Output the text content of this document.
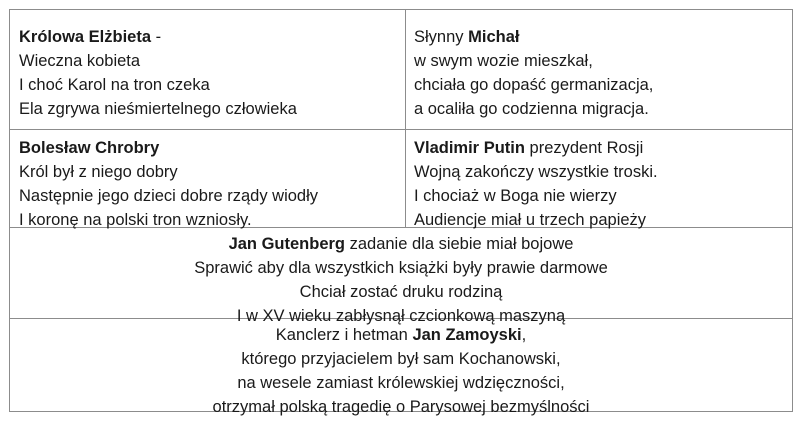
Królowa Elżbieta -
Wieczna kobieta
I choć Karol na tron czeka
Ela zgrywa nieśmiertelnego człowieka
Słynny Michał
w swym wozie mieszkał,
chciała go dopaść germanizacja,
a ocaliła go codzienna migracja.
Bolesław Chrobry
Król był z niego dobry
Następnie jego dzieci dobre rządy wiodły
I koronę na polski tron wzniosły.
Vladimir Putin prezydent Rosji
Wojną zakończy wszystkie troski.
I chociaż w Boga nie wierzy
Audiencje miał u trzech papieży
Jan Gutenberg zadanie dla siebie miał bojowe
Sprawić aby dla wszystkich książki były prawie darmowe
Chciał zostać druku rodziną
I w XV wieku zabłysnął czcionkową maszyną
Kanclerz i hetman Jan Zamoyski,
którego przyjacielem był sam Kochanowski,
na wesele zamiast królewskiej wdzięczności,
otrzymał polską tragedię o Parysowej bezmyślności
